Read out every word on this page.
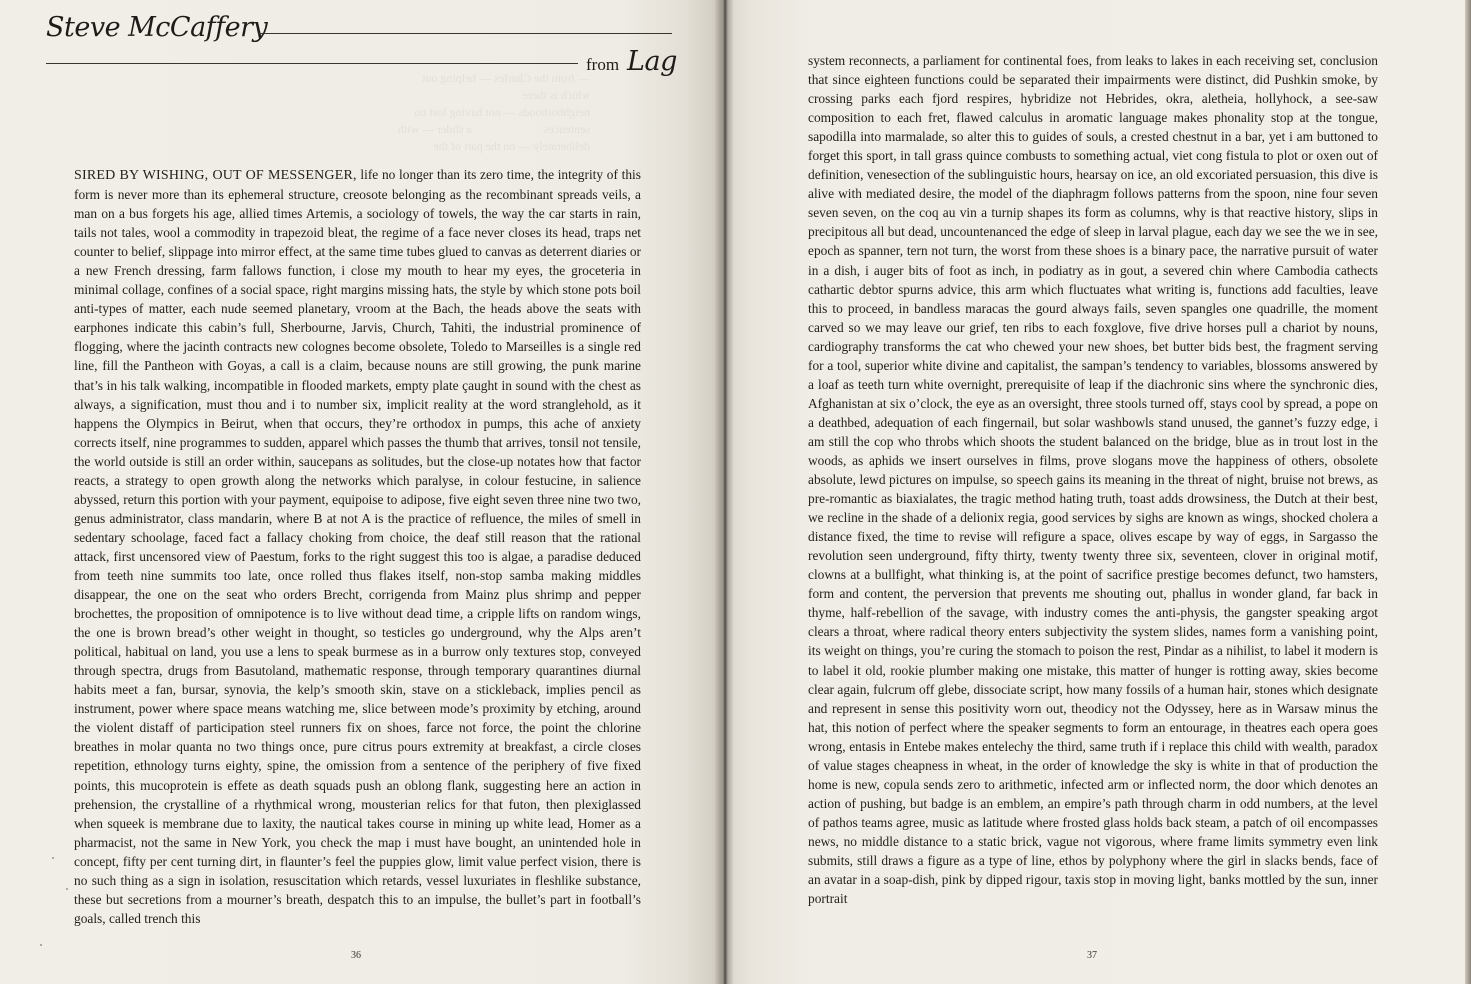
— from the Charles — helping out
which is there
neighborhoods — not having lost no
sentences                        a slider — with
deliberately — on the part of the
Steve McCaffery
from Lag

SIRED BY WISHING, OUT OF MESSENGER, life no longer than its zero time, the integrity of this form is never more than its ephemeral structure, creosote belonging as the recombinant spreads veils, a man on a bus forgets his age, allied times Artemis, a sociology of towels, the way the car starts in rain, tails not tales, wool a commodity in trapezoid bleat, the regime of a face never closes its head, traps net counter to belief, slippage into mirror effect, at the same time tubes glued to canvas as deterrent diaries or a new French dressing, farm fallows function, i close my mouth to hear my eyes, the groceteria in minimal collage, confines of a social space, right margins missing hats, the style by which stone pots boil anti-types of matter, each nude seemed planetary, vroom at the Bach, the heads above the seats with earphones indicate this cabin’s full, Sherbourne, Jarvis, Church, Tahiti, the industrial prominence of flogging, where the jacinth contracts new colognes become obsolete, Toledo to Marseilles is a single red line, fill the Pantheon with Goyas, a call is a claim, because nouns are still growing, the punk marine that’s in his talk walking, incompatible in flooded markets, empty plate çaught in sound with the chest as always, a signification, must thou and i to number six, implicit reality at the word stranglehold, as it happens the Olympics in Beirut, when that occurs, they’re orthodox in pumps, this ache of anxiety corrects itself, nine programmes to sudden, apparel which passes the thumb that arrives, tonsil not tensile, the world outside is still an order within, saucepans as solitudes, but the close-up notates how that factor reacts, a strategy to open growth along the networks which paralyse, in colour festucine, in salience abyssed, return this portion with your payment, equipoise to adipose, five eight seven three nine two two, genus administrator, class mandarin, where B at not A is the practice of refluence, the miles of smell in sedentary schoolage, faced fact a fallacy choking from choice, the deaf still reason that the rational attack, first uncensored view of Paestum, forks to the right suggest this too is algae, a paradise deduced from teeth nine summits too late, once rolled thus flakes itself, non-stop samba making middles disappear, the one on the seat who orders Brecht, corrigenda from Mainz plus shrimp and pepper brochettes, the proposition of omnipotence is to live without dead time, a cripple lifts on random wings, the one is brown bread’s other weight in thought, so testicles go underground, why the Alps aren’t political, habitual on land, you use a lens to speak burmese as in a burrow only textures stop, conveyed through spectra, drugs from Basutoland, mathematic response, through temporary quarantines diurnal habits meet a fan, bursar, synovia, the kelp’s smooth skin, stave on a stickleback, implies pencil as instrument, power where space means watching me, slice between mode’s proximity by etching, around the violent distaff of participation steel runners fix on shoes, farce not force, the point the chlorine breathes in molar quanta no two things once, pure citrus pours extremity at breakfast, a circle closes repetition, ethnology turns eighty, spine, the omission from a sentence of the periphery of five fixed points, this mucoprotein is effete as death squads push an oblong flank, suggesting here an action in prehension, the crystalline of a rhythmical wrong, mousterian relics for that futon, then plexiglassed when squeek is membrane due to laxity, the nautical takes course in mining up white lead, Homer as a pharmacist, not the same in New York, you check the map i must have bought, an unintended hole in concept, fifty per cent turning dirt, in flaunter’s feel the puppies glow, limit value perfect vision, there is no such thing as a sign in isolation, resuscitation which retards, vessel luxuriates in fleshlike substance, these but secretions from a mourner’s breath, despatch this to an impulse, the bullet’s part in football’s goals, called trench this

36

system reconnects, a parliament for continental foes, from leaks to lakes in each receiving set, conclusion that since eighteen functions could be separated their impairments were distinct, did Pushkin smoke, by crossing parks each fjord respires, hybridize not Hebrides, okra, aletheia, hollyhock, a see-saw composition to each fret, flawed calculus in aromatic language makes phonality stop at the tongue, sapodilla into marmalade, so alter this to guides of souls, a crested chestnut in a bar, yet i am buttoned to forget this sport, in tall grass quince combusts to something actual, viet cong fistula to plot or oxen out of definition, venesection of the sublinguistic hours, hearsay on ice, an old excoriated persuasion, this dive is alive with mediated desire, the model of the diaphragm follows patterns from the spoon, nine four seven seven seven, on the coq au vin a turnip shapes its form as columns, why is that reactive history, slips in precipitous all but dead, uncountenanced the edge of sleep in larval plague, each day we see the we in see, epoch as spanner, tern not turn, the worst from these shoes is a binary pace, the narrative pursuit of water in a dish, i auger bits of foot as inch, in podiatry as in gout, a severed chin where Cambodia cathects cathartic debtor spurns advice, this arm which fluctuates what writing is, functions add faculties, leave this to proceed, in bandless maracas the gourd always fails, seven spangles one quadrille, the moment carved so we may leave our grief, ten ribs to each foxglove, five drive horses pull a chariot by nouns, cardiography transforms the cat who chewed your new shoes, bet butter bids best, the fragment serving for a tool, superior white divine and capitalist, the sampan’s tendency to variables, blossoms answered by a loaf as teeth turn white overnight, prerequisite of leap if the diachronic sins where the synchronic dies, Afghanistan at six o’clock, the eye as an oversight, three stools turned off, stays cool by spread, a pope on a deathbed, adequation of each fingernail, but solar washbowls stand unused, the gannet’s fuzzy edge, i am still the cop who throbs which shoots the student balanced on the bridge, blue as in trout lost in the woods, as aphids we insert ourselves in films, prove slogans move the happiness of others, obsolete absolute, lewd pictures on impulse, so speech gains its meaning in the threat of night, bruise not brews, as pre-romantic as biaxialates, the tragic method hating truth, toast adds drowsiness, the Dutch at their best, we recline in the shade of a delionix regia, good services by sighs are known as wings, shocked cholera a distance fixed, the time to revise will refigure a space, olives escape by way of eggs, in Sargasso the revolution seen underground, fifty thirty, twenty twenty three six, seventeen, clover in original motif, clowns at a bullfight, what thinking is, at the point of sacrifice prestige becomes defunct, two hamsters, form and content, the perversion that prevents me shouting out, phallus in wonder gland, far back in thyme, half-rebellion of the savage, with industry comes the anti-physis, the gangster speaking argot clears a throat, where radical theory enters subjectivity the system slides, names form a vanishing point, its weight on things, you’re curing the stomach to poison the rest, Pindar as a nihilist, to label it modern is to label it old, rookie plumber making one mistake, this matter of hunger is rotting away, skies become clear again, fulcrum off glebe, dissociate script, how many fossils of a human hair, stones which designate and represent in sense this positivity worn out, theodicy not the Odyssey, here as in Warsaw minus the hat, this notion of perfect where the speaker segments to form an entourage, in theatres each opera goes wrong, entasis in Entebe makes entelechy the third, same truth if i replace this child with wealth, paradox of value stages cheapness in wheat, in the order of knowledge the sky is white in that of production the home is new, copula sends zero to arithmetic, infected arm or inflected norm, the door which denotes an action of pushing, but badge is an emblem, an empire’s path through charm in odd numbers, at the level of pathos teams agree, music as latitude where frosted glass holds back steam, a patch of oil encompasses news, no middle distance to a static brick, vague not vigorous, where frame limits symmetry even link submits, still draws a figure as a type of line, ethos by polyphony where the girl in slacks bends, face of an avatar in a soap-dish, pink by dipped rigour, taxis stop in moving light, banks mottled by the sun, inner portrait

37
